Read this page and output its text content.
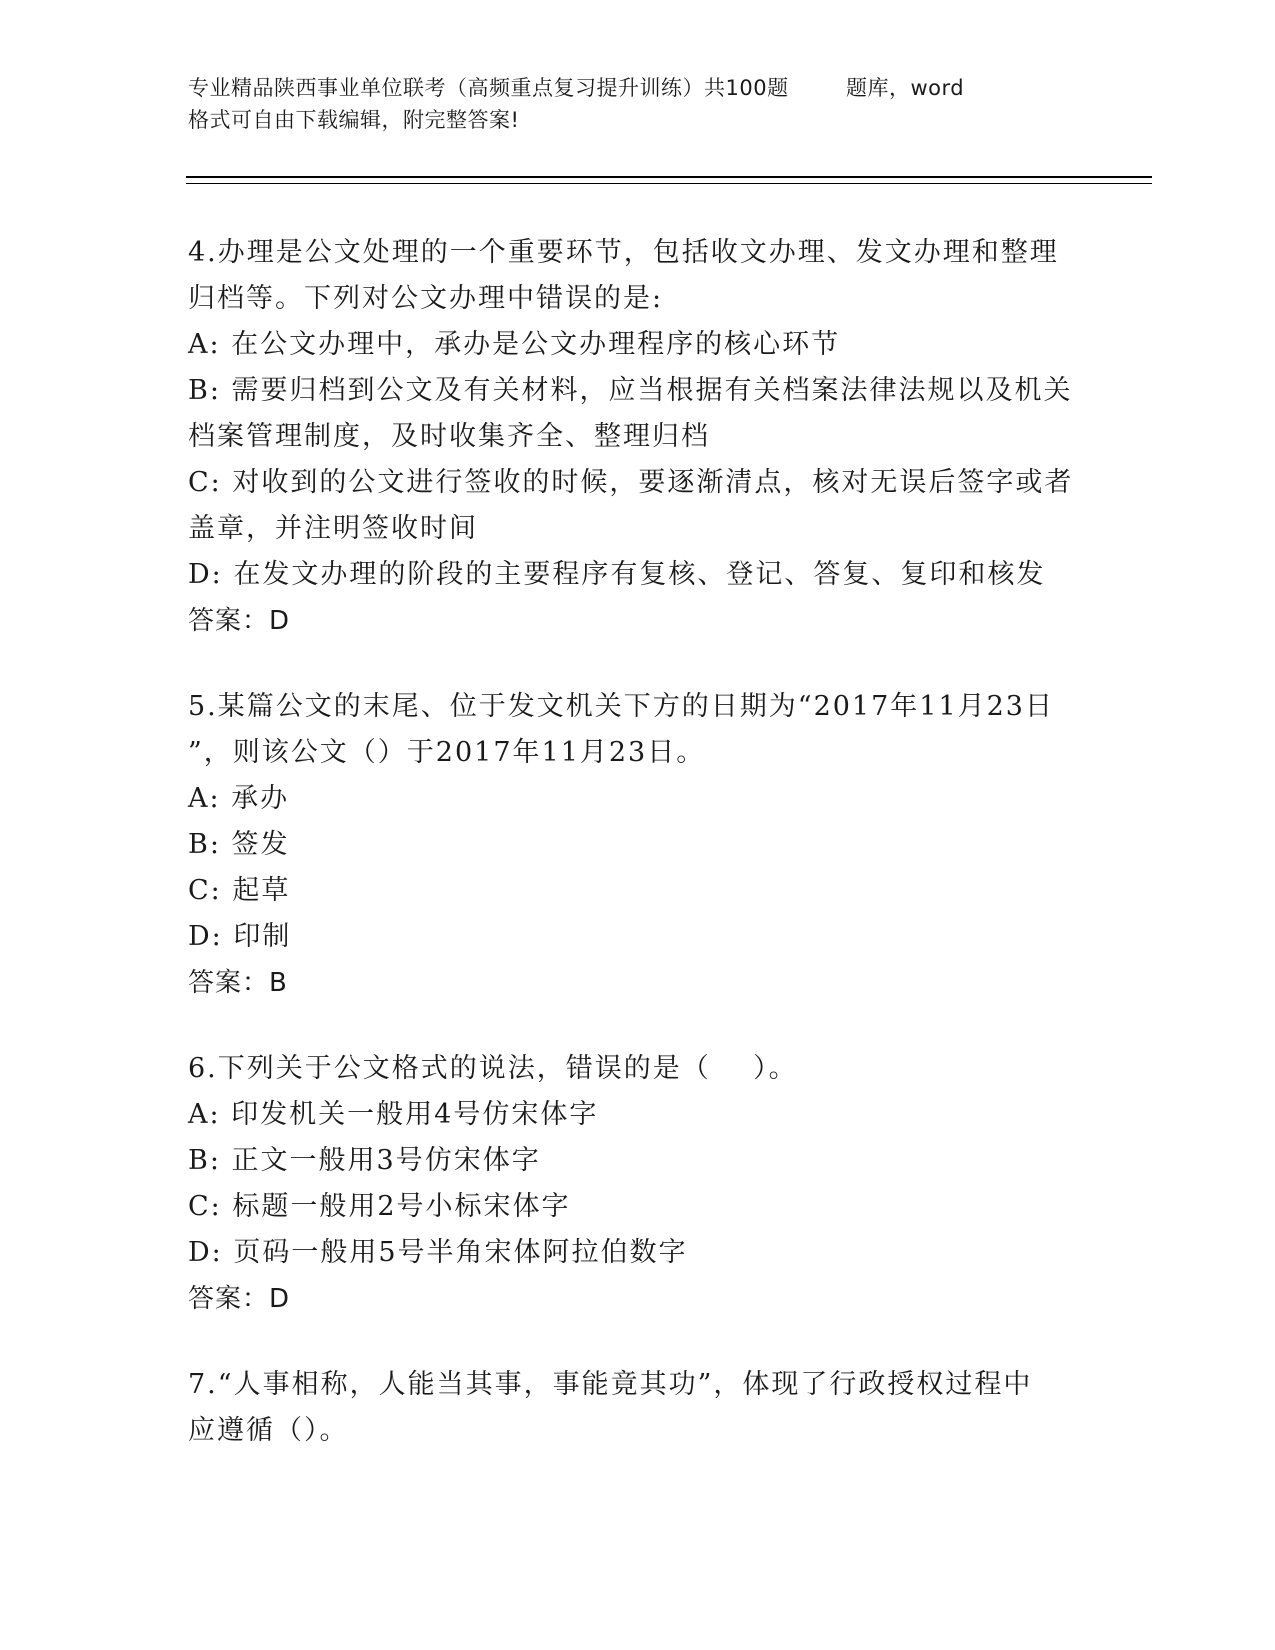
专业精品陕西事业单位联考（高频重点复习提升训练）共100题        题库，word
格式可自由下载编辑，附完整答案!
4.办理是公文处理的一个重要环节，包括收文办理、发文办理和整理
归档等。下列对公文办理中错误的是:
A: 在公文办理中，承办是公文办理程序的核心环节
B: 需要归档到公文及有关材料，应当根据有关档案法律法规以及机关
档案管理制度，及时收集齐全、整理归档
C: 对收到的公文进行签收的时候，要逐渐清点，核对无误后签字或者
盖章，并注明签收时间
D: 在发文办理的阶段的主要程序有复核、登记、答复、复印和核发
答案：D
5.某篇公文的末尾、位于发文机关下方的日期为“2017年11月23日
”，则该公文（）于2017年11月23日。
A: 承办
B: 签发
C: 起草
D: 印制
答案：B
6.下列关于公文格式的说法，错误的是（    ）。
A: 印发机关一般用4号仿宋体字
B: 正文一般用3号仿宋体字
C: 标题一般用2号小标宋体字
D: 页码一般用5号半角宋体阿拉伯数字
答案：D
7.“人事相称，人能当其事，事能竟其功”，体现了行政授权过程中
应遵循（）。
